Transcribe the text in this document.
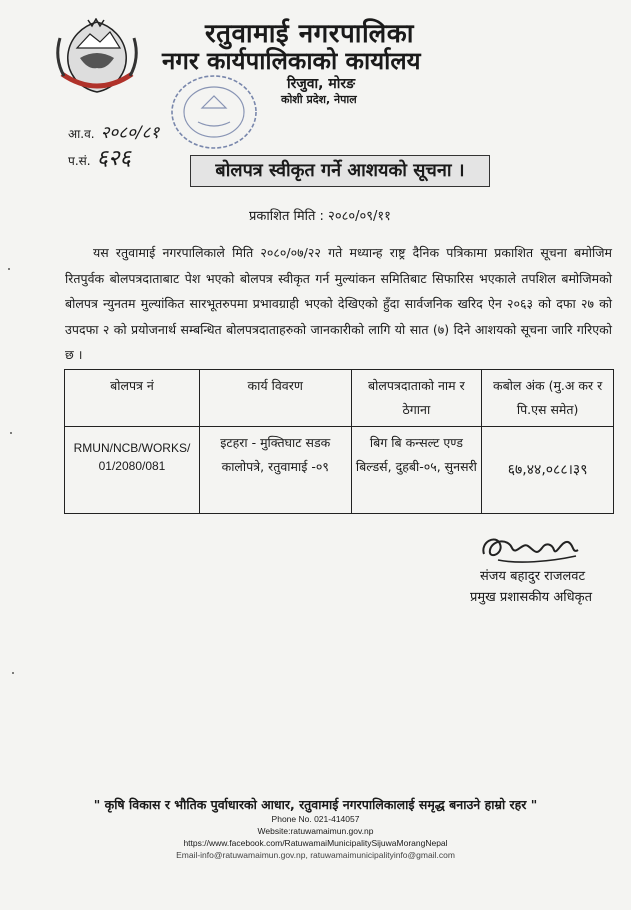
रतुवामाई नगरपालिका
नगर कार्यपालिकाको कार्यालय
रिजुवा, मोरङ
कोशी प्रदेश, नेपाल
आ.व. २०८०/८१
प.सं. ६२६	बोलपत्र स्वीकृत गर्ने आशयको सूचना ।
प्रकाशित मिति : २०८०/०९/११
यस रतुवामाई नगरपालिकाले मिति २०८०/०७/२२ गते मध्यान्ह राष्ट्र दैनिक पत्रिकामा प्रकाशित सूचना बमोजिम रितपुर्वक बोलपत्रदाताबाट पेश भएको बोलपत्र स्वीकृत गर्न मुल्यांकन समितिबाट सिफारिस भएकाले तपशिल बमोजिमको बोलपत्र न्युनतम मुल्यांकित सारभूतरुपमा प्रभावग्राही भएको देखिएको हुँदा सार्वजनिक खरिद ऐन २०६३ को दफा २७ को उपदफा २ को प्रयोजनार्थ सम्बन्धित बोलपत्रदाताहरुको जानकारीको लागि यो सात (७) दिने आशयको सूचना जारि गरिएको छ ।
बोलपत्र नं	कार्य विवरण	बोलपत्रदाताको नाम र ठेगाना	कबोल अंक (मु.अ कर र पि.एस समेत)
RMUN/NCB/WORKS/ 01/2080/081	इटहरा - मुक्तिघाट सडक कालोपत्रे, रतुवामाई -०९	बिग बि कन्सल्ट एण्ड बिल्डर्स, दुहबी-०५, सुनसरी	६७,४४,०८८।३९
संजय बहादुर राजलवट
प्रमुख प्रशासकीय अधिकृत
" कृषि विकास र भौतिक पुर्वाधारको आधार, रतुवामाई नगरपालिकालाई समृद्ध बनाउने हाम्रो रहर "
Phone No. 021-414057
Website:ratuwamaimun.gov.np
https://www.facebook.com/RatuwamaiMunicipalitySijuwaMorangNepal
Email-info@ratuwamaimun.gov.np, ratuwamaimunicipalityinfo@gmail.com
